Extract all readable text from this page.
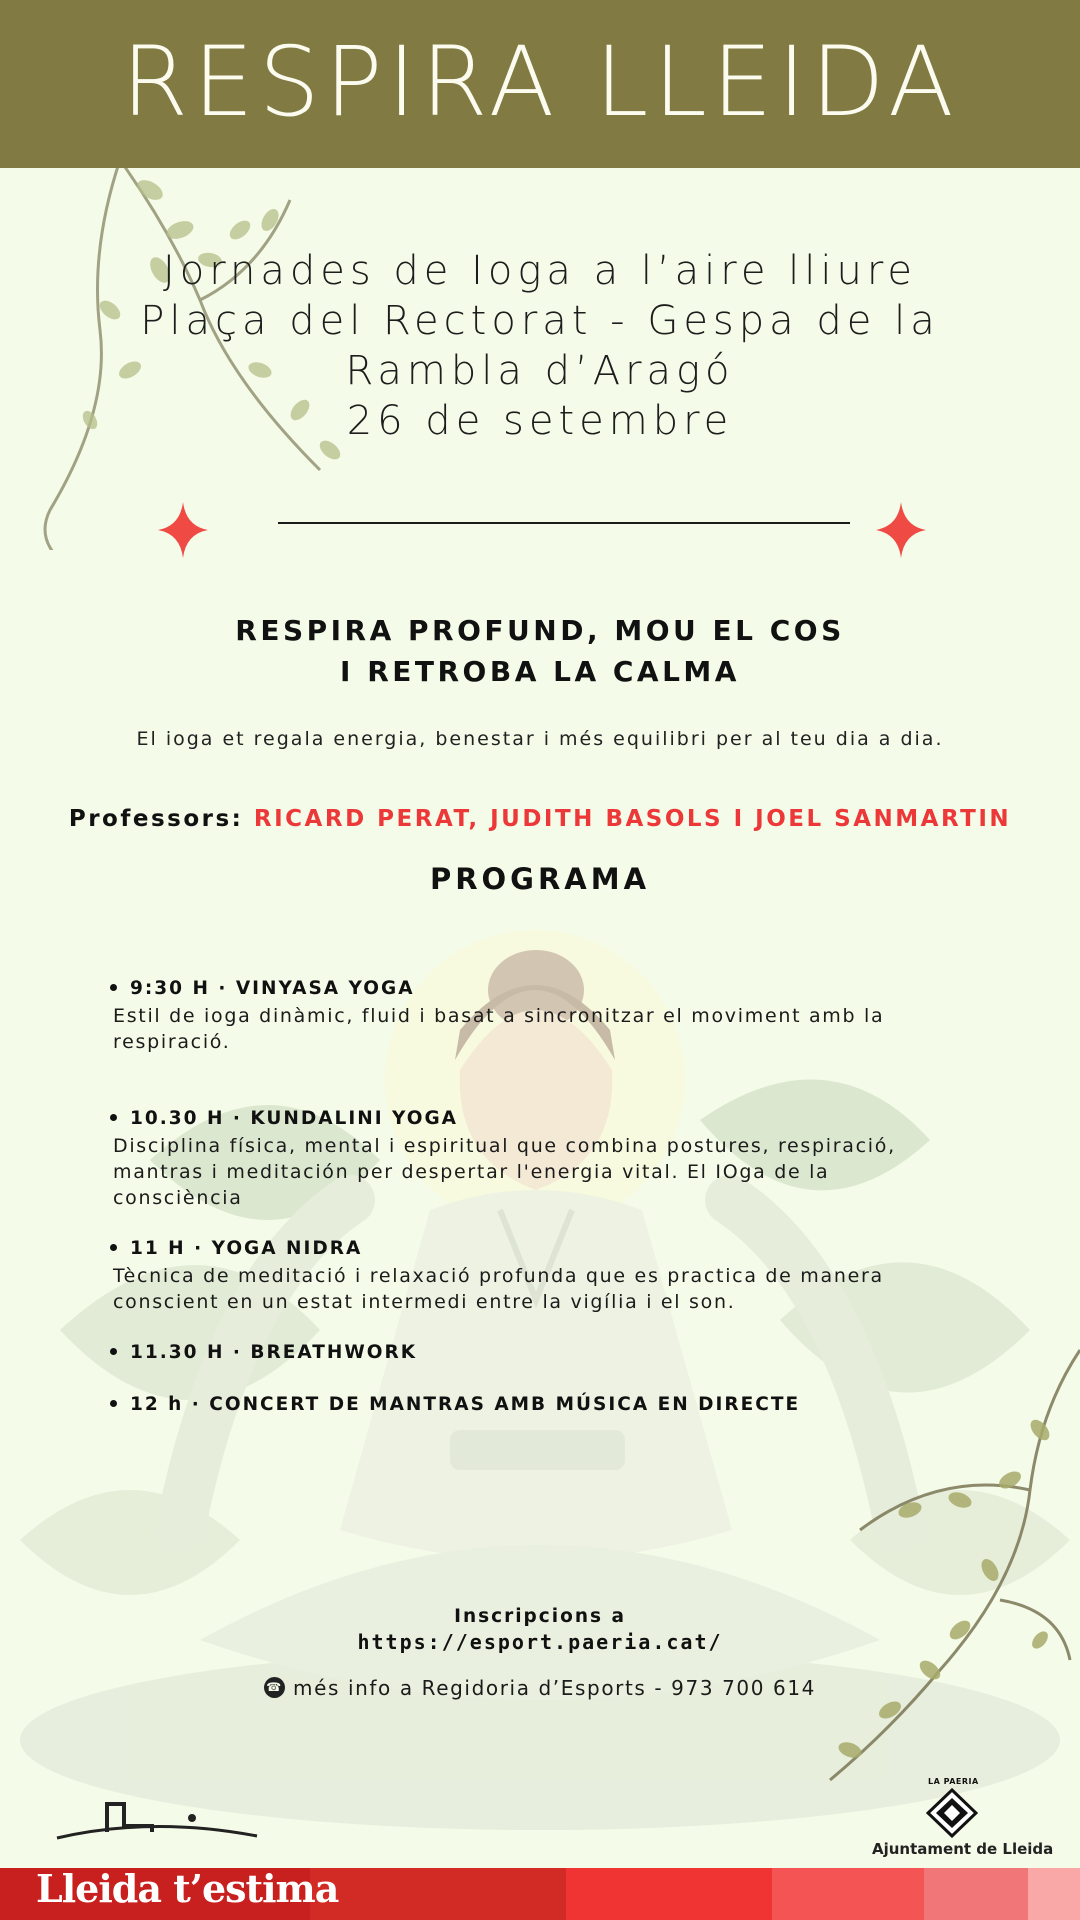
RESPIRA LLEIDA
Jornades de Ioga a l’aire lliure
Plaça del Rectorat - Gespa de la
Rambla d’Aragó
26 de setembre
RESPIRA PROFUND, MOU EL COS
I RETROBA LA CALMA
El ioga et regala energia, benestar i més equilibri per al teu dia a dia.
Professors: RICARD PERAT, JUDITH BASOLS I JOEL SANMARTIN
PROGRAMA
9:30 H · VINYASA YOGA
Estil de ioga dinàmic, fluid i basat a sincronitzar el moviment amb la
respiració.
10.30 H · KUNDALINI YOGA
Disciplina física, mental i espiritual que combina postures, respiració,
mantras i meditación per despertar l'energia vital. El IOga de la
consciència
11 H · YOGA NIDRA
Tècnica de meditació i relaxació profunda que es practica de manera
conscient en un estat intermedi entre la vigília i el son.
11.30 H · BREATHWORK
12 h · CONCERT DE MANTRAS AMB MÚSICA EN DIRECTE
Inscripcions a
https://esport.paeria.cat/
☎ més info a Regidoria d’Esports - 973 700 614
LA PAERIA
Ajuntament de Lleida
Lleida t’estima
